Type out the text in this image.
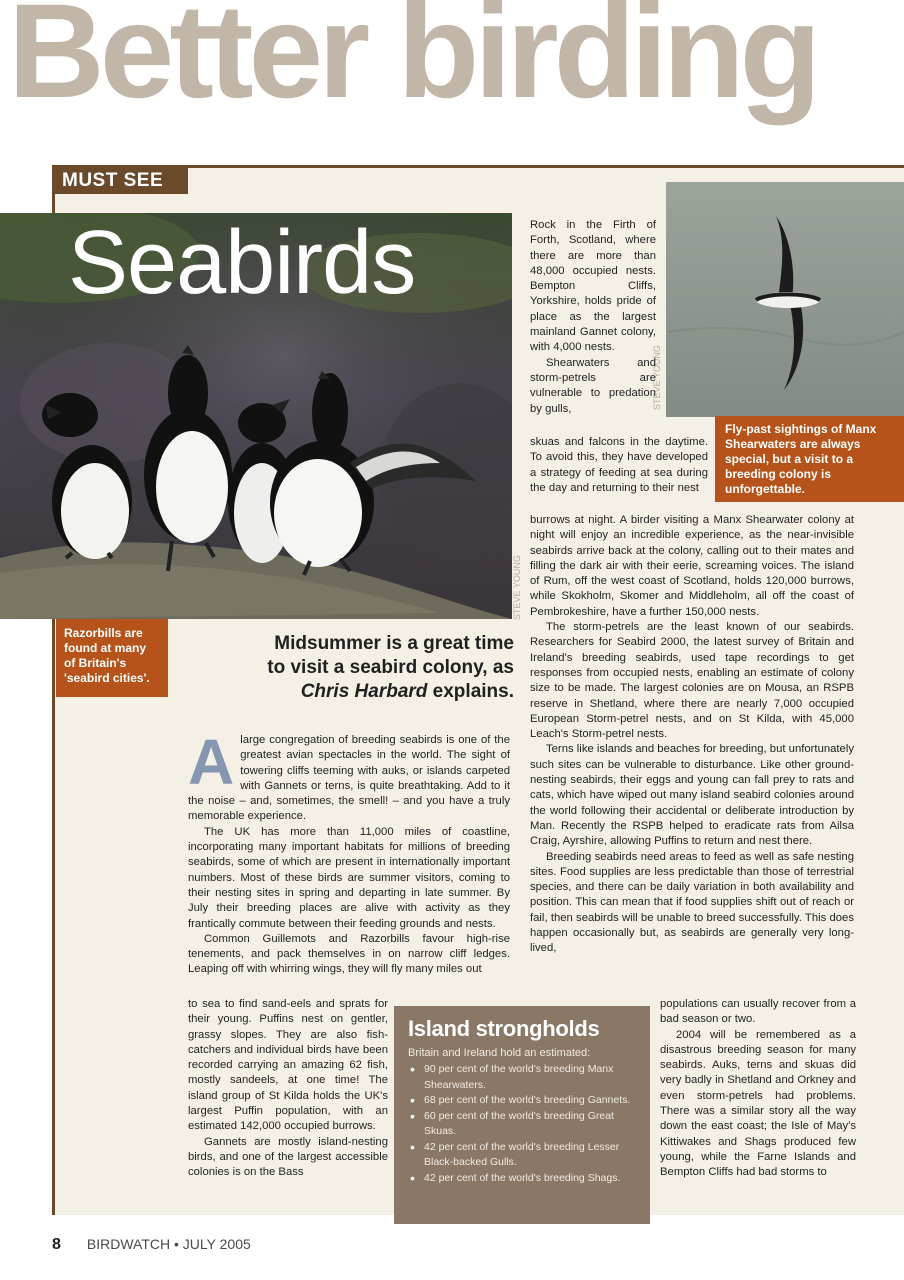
Better birding
MUST SEE
Seabirds
STEVE YOUNG
STEVE YOUNG
Fly-past sightings of Manx Shearwaters are always special, but a visit to a breeding colony is unforgettable.
Razorbills are found at many of Britain's 'seabird cities'.
Midsummer is a great time
to visit a seabird colony, as
Chris Harbard explains.

Alarge congregation of breeding seabirds is one of the greatest avian spectacles in the world. The sight of towering cliffs teeming with auks, or islands carpeted with Gannets or terns, is quite breathtaking. Add to it the noise – and, sometimes, the smell! – and you have a truly memorable experience.

The UK has more than 11,000 miles of coastline, incorporating many important habitats for millions of breeding seabirds, some of which are present in internationally important numbers. Most of these birds are summer visitors, coming to their nesting sites in spring and departing in late summer. By July their breeding places are alive with activity as they frantically commute between their feeding grounds and nests.

Common Guillemots and Razorbills favour high-rise tenements, and pack themselves in on narrow cliff ledges. Leaping off with whirring wings, they will fly many miles out

to sea to find sand-eels and sprats for their young. Puffins nest on gentler, grassy slopes. They are also fish-catchers and individual birds have been recorded carrying an amazing 62 fish, mostly sandeels, at one time! The island group of St Kilda holds the UK's largest Puffin population, with an estimated 142,000 occupied burrows.

Gannets are mostly island-nesting birds, and one of the largest accessible colonies is on the Bass

Rock in the Firth of Forth, Scotland, where there are more than 48,000 occupied nests. Bempton Cliffs, Yorkshire, holds pride of place as the largest mainland Gannet colony, with 4,000 nests.

Shearwaters and storm-petrels are vulnerable to predation by gulls,

skuas and falcons in the daytime. To avoid this, they have developed a strategy of feeding at sea during the day and returning to their nest

burrows at night. A birder visiting a Manx Shearwater colony at night will enjoy an incredible experience, as the near-invisible seabirds arrive back at the colony, calling out to their mates and filling the dark air with their eerie, screaming voices. The island of Rum, off the west coast of Scotland, holds 120,000 burrows, while Skokholm, Skomer and Middleholm, all off the coast of Pembrokeshire, have a further 150,000 nests.

The storm-petrels are the least known of our seabirds. Researchers for Seabird 2000, the latest survey of Britain and Ireland's breeding seabirds, used tape recordings to get responses from occupied nests, enabling an estimate of colony size to be made. The largest colonies are on Mousa, an RSPB reserve in Shetland, where there are nearly 7,000 occupied European Storm-petrel nests, and on St Kilda, with 45,000 Leach's Storm-petrel nests.

Terns like islands and beaches for breeding, but unfortunately such sites can be vulnerable to disturbance. Like other ground-nesting seabirds, their eggs and young can fall prey to rats and cats, which have wiped out many island seabird colonies around the world following their accidental or deliberate introduction by Man. Recently the RSPB helped to eradicate rats from Ailsa Craig, Ayrshire, allowing Puffins to return and nest there.

Breeding seabirds need areas to feed as well as safe nesting sites. Food supplies are less predictable than those of terrestrial species, and there can be daily variation in both availability and position. This can mean that if food supplies shift out of reach or fail, then seabirds will be unable to breed successfully. This does happen occasionally but, as seabirds are generally very long-lived,

populations can usually recover from a bad season or two.

2004 will be remembered as a disastrous breeding season for many seabirds. Auks, terns and skuas did very badly in Shetland and Orkney and even storm-petrels had problems. There was a similar story all the way down the east coast; the Isle of May's Kittiwakes and Shags produced few young, while the Farne Islands and Bempton Cliffs had bad storms to

Island strongholds
Britain and Ireland hold an estimated:
• 90 per cent of the world's breeding Manx Shearwaters.
• 68 per cent of the world's breeding Gannets.
• 60 per cent of the world's breeding Great Skuas.
• 42 per cent of the world's breeding Lesser Black-backed Gulls.
• 42 per cent of the world's breeding Shags.
8 BIRDWATCH • JULY 2005
